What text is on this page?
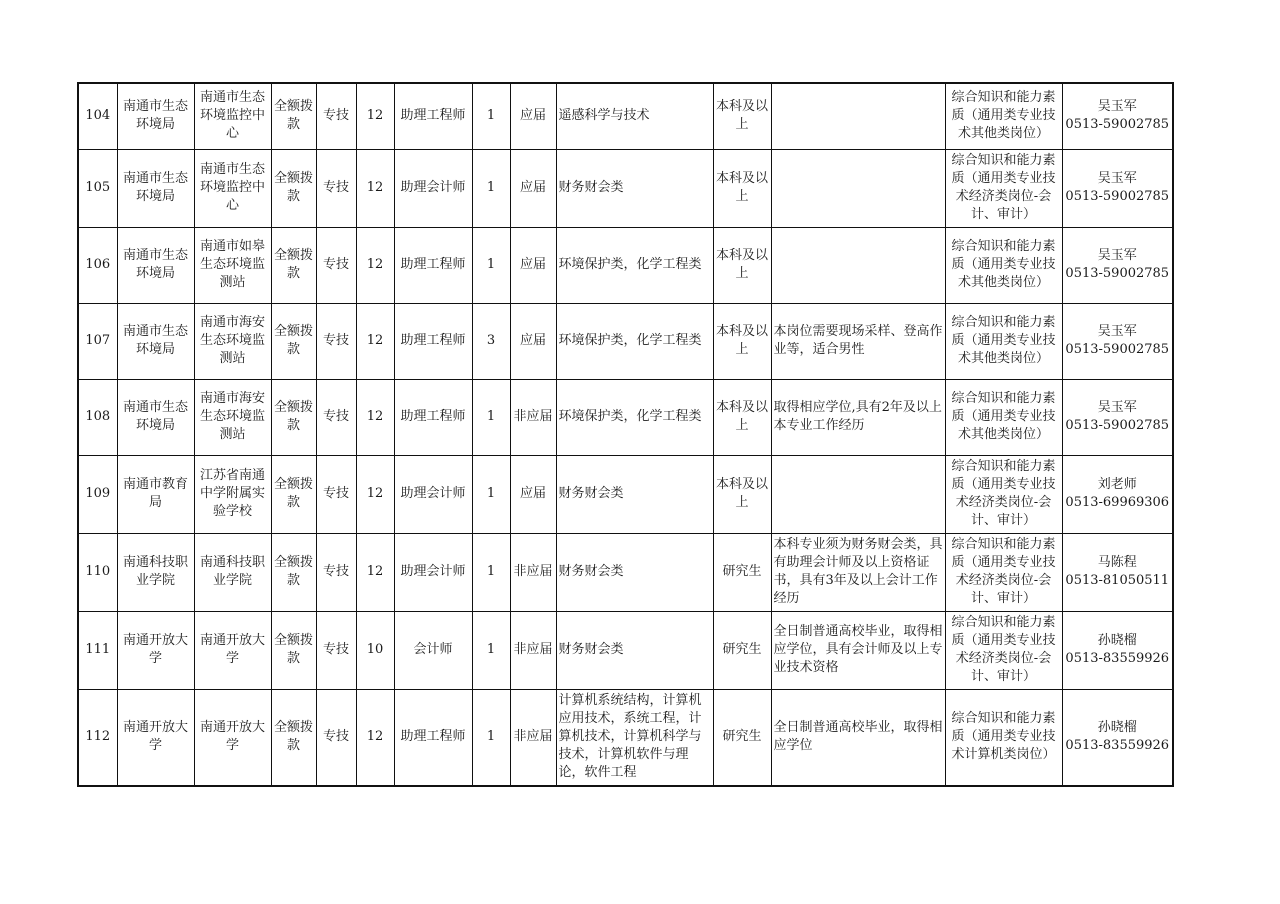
104	南通市生态环境局	南通市生态环境监控中心	全额拨款	专技	12	助理工程师	1	应届	遥感科学与技术	本科及以上		综合知识和能力素质（通用类专业技术其他类岗位）	吴玉军
0513-59002785

105	南通市生态环境局	南通市生态环境监控中心	全额拨款	专技	12	助理会计师	1	应届	财务财会类	本科及以上		综合知识和能力素质（通用类专业技术经济类岗位-会计、审计）	吴玉军
0513-59002785

106	南通市生态环境局	南通市如皋生态环境监测站	全额拨款	专技	12	助理工程师	1	应届	环境保护类，化学工程类	本科及以上		综合知识和能力素质（通用类专业技术其他类岗位）	吴玉军
0513-59002785

107	南通市生态环境局	南通市海安生态环境监测站	全额拨款	专技	12	助理工程师	3	应届	环境保护类，化学工程类	本科及以上	本岗位需要现场采样、登高作业等，适合男性	综合知识和能力素质（通用类专业技术其他类岗位）	吴玉军
0513-59002785

108	南通市生态环境局	南通市海安生态环境监测站	全额拨款	专技	12	助理工程师	1	非应届	环境保护类，化学工程类	本科及以上	取得相应学位,具有2年及以上本专业工作经历	综合知识和能力素质（通用类专业技术其他类岗位）	吴玉军
0513-59002785

109	南通市教育局	江苏省南通中学附属实验学校	全额拨款	专技	12	助理会计师	1	应届	财务财会类	本科及以上		综合知识和能力素质（通用类专业技术经济类岗位-会计、审计）	刘老师
0513-69969306

110	南通科技职业学院	南通科技职业学院	全额拨款	专技	12	助理会计师	1	非应届	财务财会类	研究生	本科专业须为财务财会类，具有助理会计师及以上资格证书，具有3年及以上会计工作经历	综合知识和能力素质（通用类专业技术经济类岗位-会计、审计）	马陈程
0513-81050511

111	南通开放大学	南通开放大学	全额拨款	专技	10	会计师	1	非应届	财务财会类	研究生	全日制普通高校毕业，取得相应学位，具有会计师及以上专业技术资格	综合知识和能力素质（通用类专业技术经济类岗位-会计、审计）	孙晓榴
0513-83559926

112	南通开放大学	南通开放大学	全额拨款	专技	12	助理工程师	1	非应届	计算机系统结构，计算机应用技术，系统工程，计算机技术，计算机科学与技术，计算机软件与理论，软件工程	研究生	全日制普通高校毕业，取得相应学位	综合知识和能力素质（通用类专业技术计算机类岗位）	孙晓榴
0513-83559926
